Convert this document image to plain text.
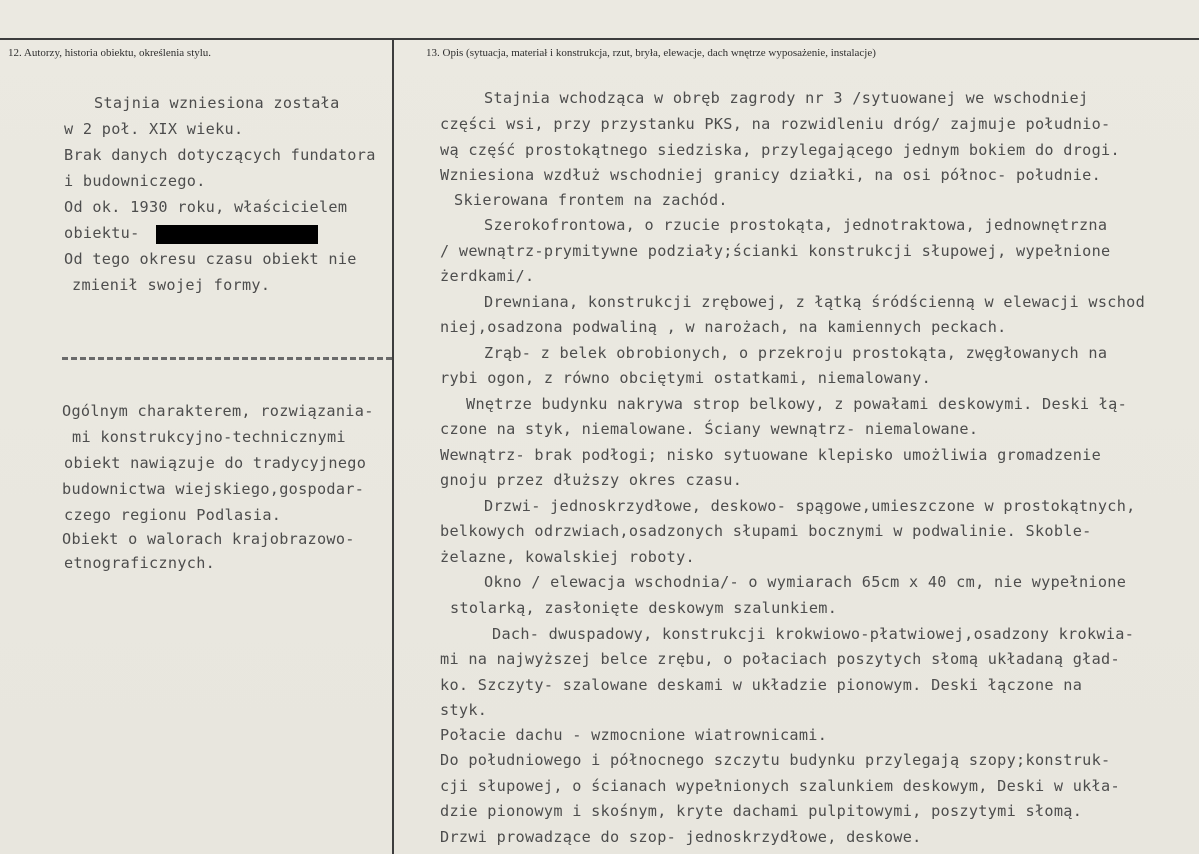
12. Autorzy, historia obiektu, określenia stylu.	13. Opis (sytuacja, materiał i konstrukcja, rzut, bryła, elewacje, dach wnętrze wyposażenie, instalacje)
Stajnia wzniesiona została
w 2 poł. XIX wieku.
Brak danych dotyczących fundatora
i budowniczego.
Od ok. 1930 roku, właścicielem
obiektu-
Od tego okresu czasu obiekt nie
zmienił swojej formy.
Ogólnym charakterem, rozwiązania-
mi konstrukcyjno-technicznymi
obiekt nawiązuje do tradycyjnego
budownictwa wiejskiego,gospodar-
czego regionu Podlasia.
Obiekt o walorach krajobrazowo-
etnograficznych.
Stajnia wchodząca w obręb zagrody nr 3 /sytuowanej we wschodniej
części wsi, przy przystanku PKS, na rozwidleniu dróg/ zajmuje południo-
wą część prostokątnego siedziska, przylegającego jednym bokiem do drogi.
Wzniesiona wzdłuż wschodniej granicy działki, na osi północ- południe.
Skierowana frontem na zachód.
Szerokofrontowa, o rzucie prostokąta, jednotraktowa, jednownętrzna
/ wewnątrz-prymitywne podziały;ścianki konstrukcji słupowej, wypełnione
żerdkami/.
Drewniana, konstrukcji zrębowej, z łątką śródścienną w elewacji wschod
niej,osadzona podwaliną , w narożach, na kamiennych peckach.
Zrąb- z belek obrobionych, o przekroju prostokąta, zwęgłowanych na
rybi ogon, z równo obciętymi ostatkami, niemalowany.
Wnętrze budynku nakrywa strop belkowy, z powałami deskowymi. Deski łą-
czone na styk, niemalowane. Ściany wewnątrz- niemalowane.
Wewnątrz- brak podłogi; nisko sytuowane klepisko umożliwia gromadzenie
gnoju przez dłuższy okres czasu.
Drzwi- jednoskrzydłowe, deskowo- spągowe,umieszczone w prostokątnych,
belkowych odrzwiach,osadzonych słupami bocznymi w podwalinie. Skoble-
żelazne, kowalskiej roboty.
Okno / elewacja wschodnia/- o wymiarach 65cm x 40 cm, nie wypełnione
stolarką, zasłonięte deskowym szalunkiem.
Dach- dwuspadowy, konstrukcji krokwiowo-płatwiowej,osadzony krokwia-
mi na najwyższej belce zrębu, o połaciach poszytych słomą układaną gład-
ko. Szczyty- szalowane deskami w układzie pionowym. Deski łączone na
styk.
Połacie dachu - wzmocnione wiatrownicami.
Do południowego i północnego szczytu budynku przylegają szopy;konstruk-
cji słupowej, o ścianach wypełnionych szalunkiem deskowym, Deski w ukła-
dzie pionowym i skośnym, kryte dachami pulpitowymi, poszytymi słomą.
Drzwi prowadzące do szop- jednoskrzydłowe, deskowe.
